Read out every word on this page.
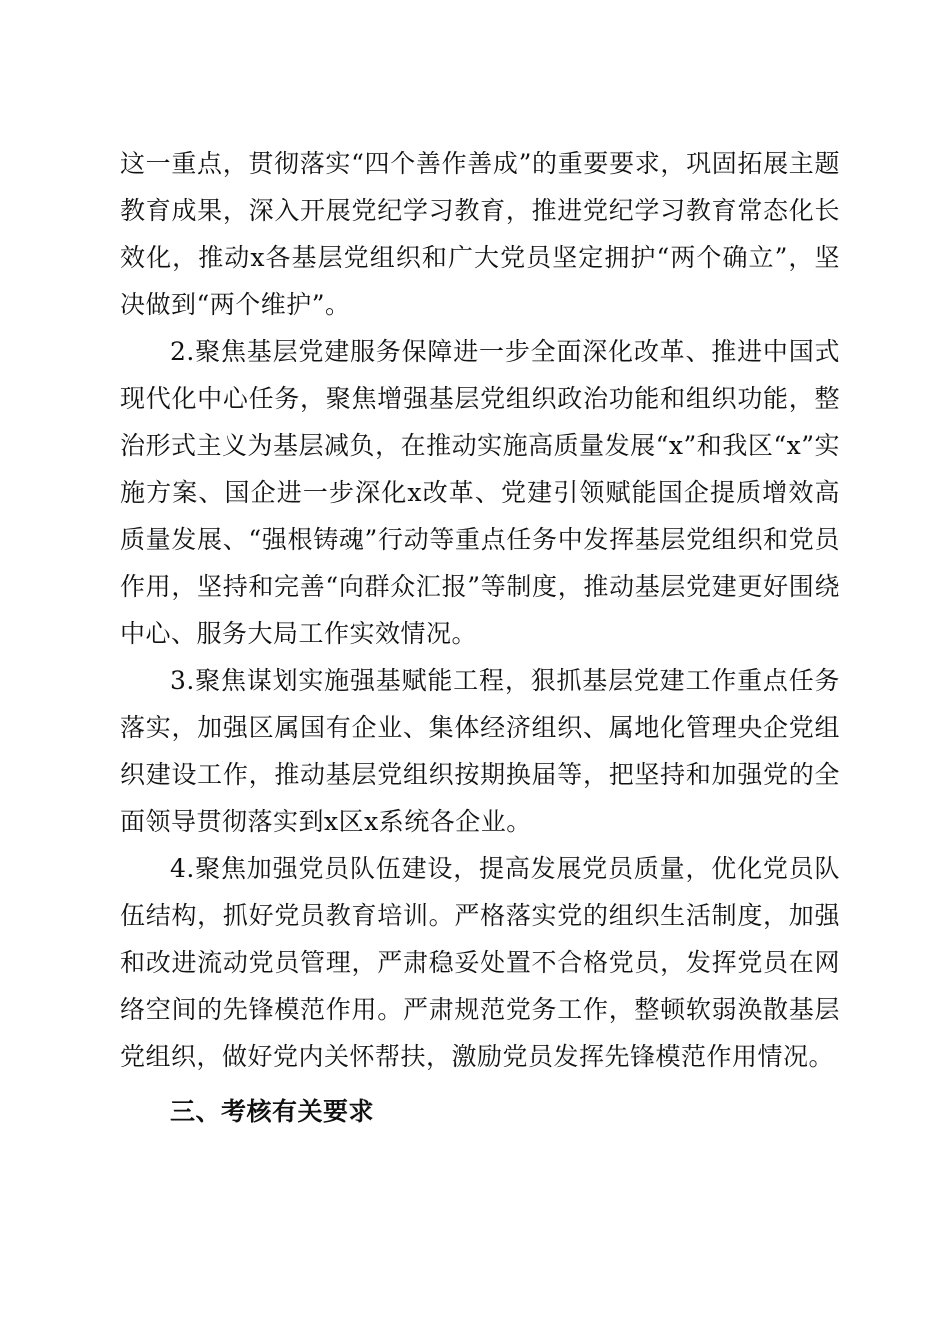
这一重点，贯彻落实“四个善作善成”的重要要求，巩固拓展主题教育成果，深入开展党纪学习教育，推进党纪学习教育常态化长效化，推动x各基层党组织和广大党员坚定拥护“两个确立”，坚决做到“两个维护”。

2.聚焦基层党建服务保障进一步全面深化改革、推进中国式现代化中心任务，聚焦增强基层党组织政治功能和组织功能，整治形式主义为基层减负，在推动实施高质量发展“x”和我区“x”实施方案、国企进一步深化x改革、党建引领赋能国企提质增效高质量发展、“强根铸魂”行动等重点任务中发挥基层党组织和党员作用，坚持和完善“向群众汇报”等制度，推动基层党建更好围绕中心、服务大局工作实效情况。

3.聚焦谋划实施强基赋能工程，狠抓基层党建工作重点任务落实，加强区属国有企业、集体经济组织、属地化管理央企党组织建设工作，推动基层党组织按期换届等，把坚持和加强党的全面领导贯彻落实到x区x系统各企业。

4.聚焦加强党员队伍建设，提高发展党员质量，优化党员队伍结构，抓好党员教育培训。严格落实党的组织生活制度，加强和改进流动党员管理，严肃稳妥处置不合格党员，发挥党员在网络空间的先锋模范作用。严肃规范党务工作，整顿软弱涣散基层党组织，做好党内关怀帮扶，激励党员发挥先锋模范作用情况。

三、考核有关要求
